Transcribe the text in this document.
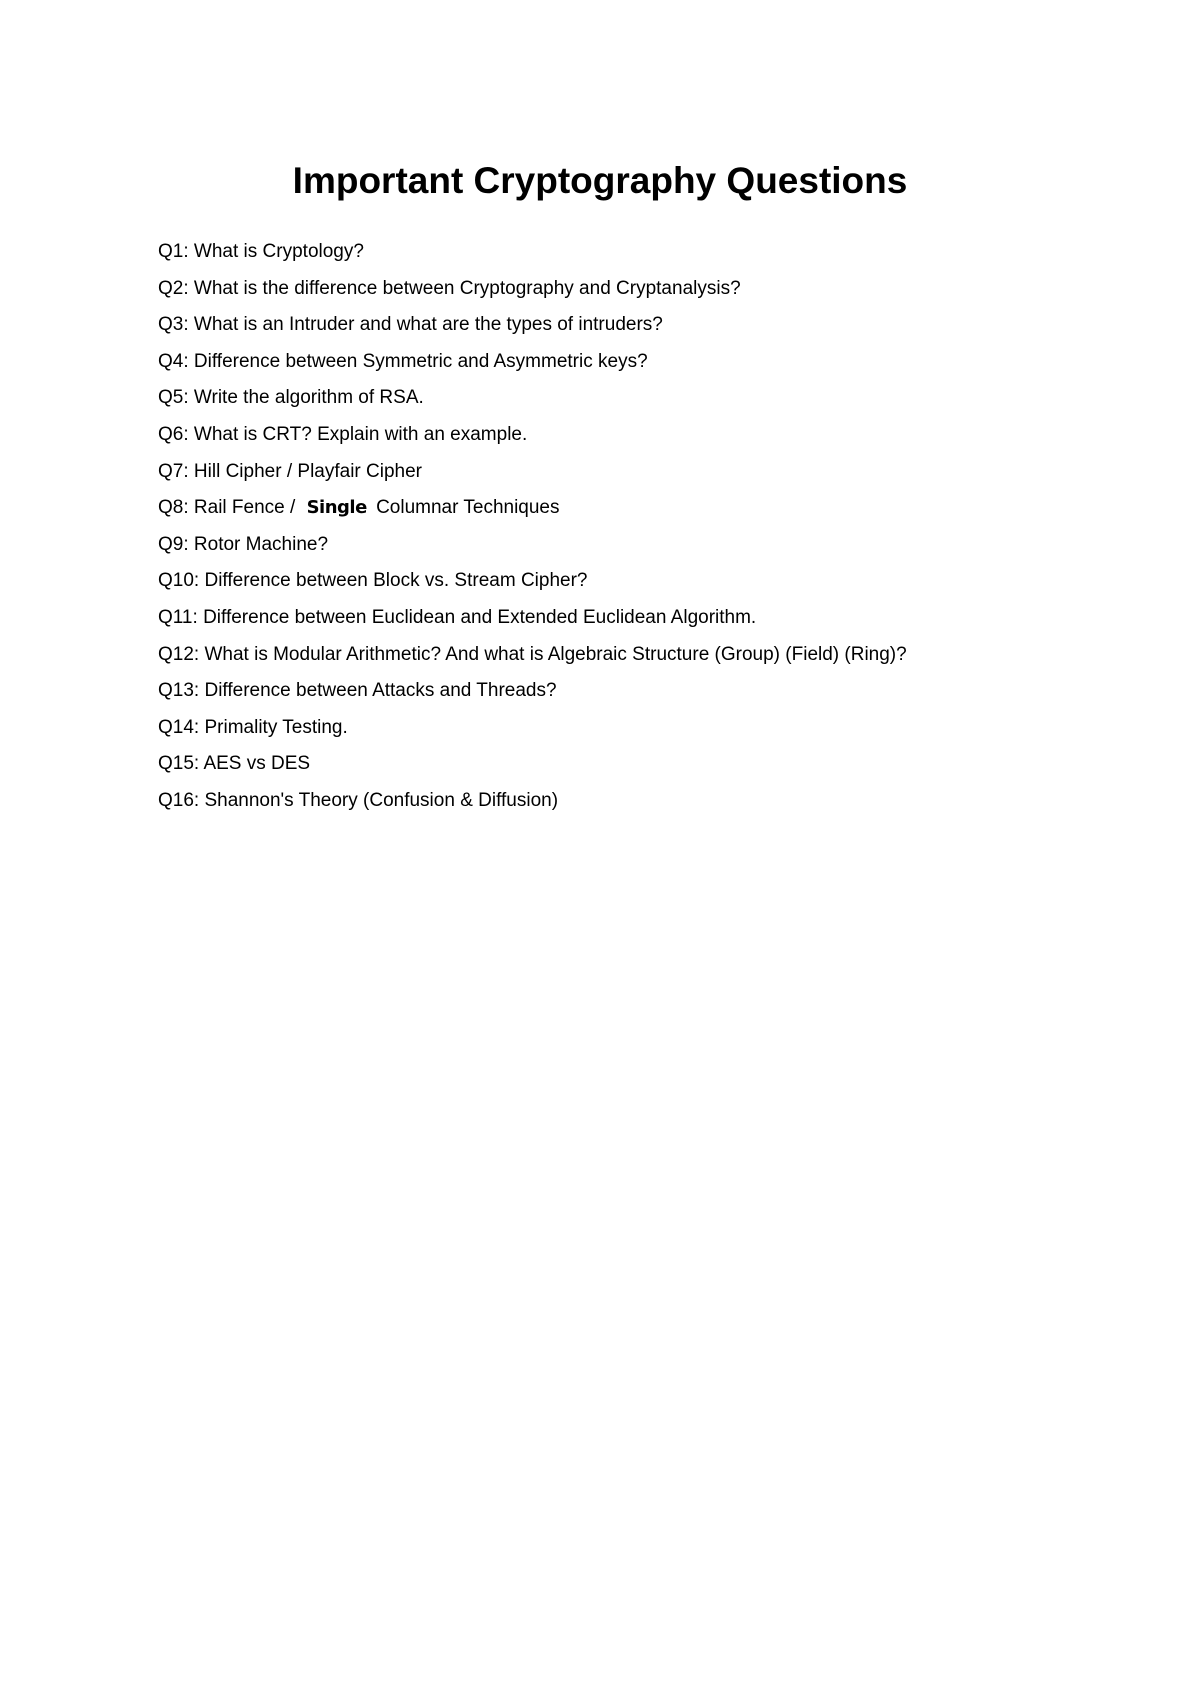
Important Cryptography Questions
Q1: What is Cryptology?
Q2: What is the difference between Cryptography and Cryptanalysis?
Q3: What is an Intruder and what are the types of intruders?
Q4: Difference between Symmetric and Asymmetric keys?
Q5: Write the algorithm of RSA.
Q6: What is CRT? Explain with an example.
Q7: Hill Cipher / Playfair Cipher
Q8: Rail Fence / Single Columnar Techniques
Q9: Rotor Machine?
Q10: Difference between Block vs. Stream Cipher?
Q11: Difference between Euclidean and Extended Euclidean Algorithm.
Q12: What is Modular Arithmetic? And what is Algebraic Structure (Group) (Field) (Ring)?
Q13: Difference between Attacks and Threads?
Q14: Primality Testing.
Q15: AES vs DES
Q16: Shannon's Theory (Confusion & Diffusion)
